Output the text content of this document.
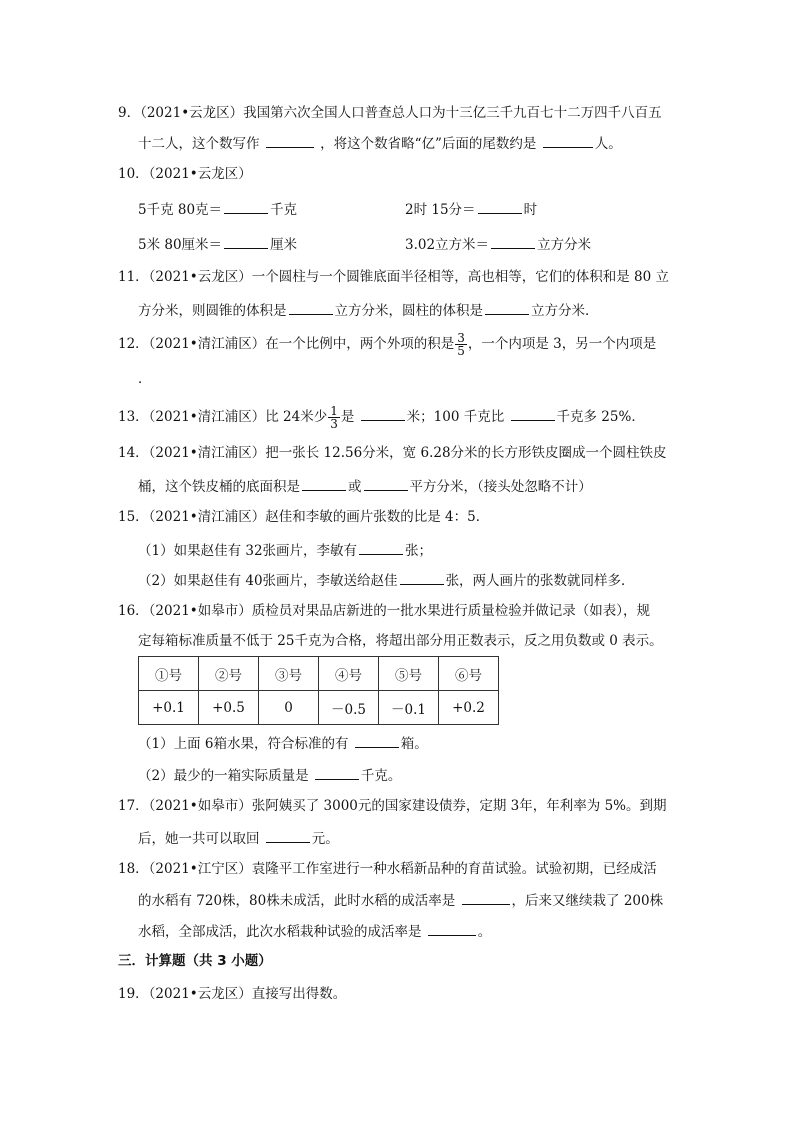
9．（2021•云龙区）我国第六次全国人口普查总人口为十三亿三千九百七十二万四千八百五
十二人，这个数写作	，将这个数省略“亿”后面的尾数约是	人。
10．（2021•云龙区）
5千克 80克＝	千克	2时 15分＝	时
5米 80厘米＝	厘米	3.02立方米＝	立方分米
11．（2021•云龙区）一个圆柱与一个圆锥底面半径相等，高也相等，它们的体积和是 80 立
方分米，则圆锥的体积是	立方分米，圆柱的体积是	立方分米．
12．（2021•清江浦区）在一个比例中，两个外项的积是 $\frac{3}{5}$ ，一个内项是 3，另一个内项是
．
13．（2021•清江浦区）比 24米少 $\frac{1}{3}$ 是	米；100 千克比	千克多 25%．
14．（2021•清江浦区）把一张长 12.56分米，宽 6.28分米的长方形铁皮圈成一个圆柱铁皮
桶，这个铁皮桶的底面积是	或	平方分米，（接头处忽略不计）
15．（2021•清江浦区）赵佳和李敏的画片张数的比是 4：5．
（1）如果赵佳有 32张画片，李敏有	张；
（2）如果赵佳有 40张画片，李敏送给赵佳	张，两人画片的张数就同样多．
16．（2021•如皋市）质检员对果品店新进的一批水果进行质量检验并做记录（如表），规
定每箱标准质量不低于 25千克为合格，将超出部分用正数表示，反之用负数或 0 表示。
①号	②号	③号	④号	⑤号	⑥号
+0.1	+0.5	0	－0.5	－0.1	+0.2
（1）上面 6箱水果，符合标准的有	箱。
（2）最少的一箱实际质量是	千克。
17．（2021•如皋市）张阿姨买了 3000元的国家建设债券，定期 3年，年利率为 5%。到期
后，她一共可以取回	元。
18．（2021•江宁区）袁隆平工作室进行一种水稻新品种的育苗试验。试验初期，已经成活
的水稻有 720株，80株未成活，此时水稻的成活率是	，后来又继续栽了 200株
水稻，全部成活，此次水稻栽种试验的成活率是	。
三．计算题（共 3 小题）
19．（2021•云龙区）直接写出得数。
